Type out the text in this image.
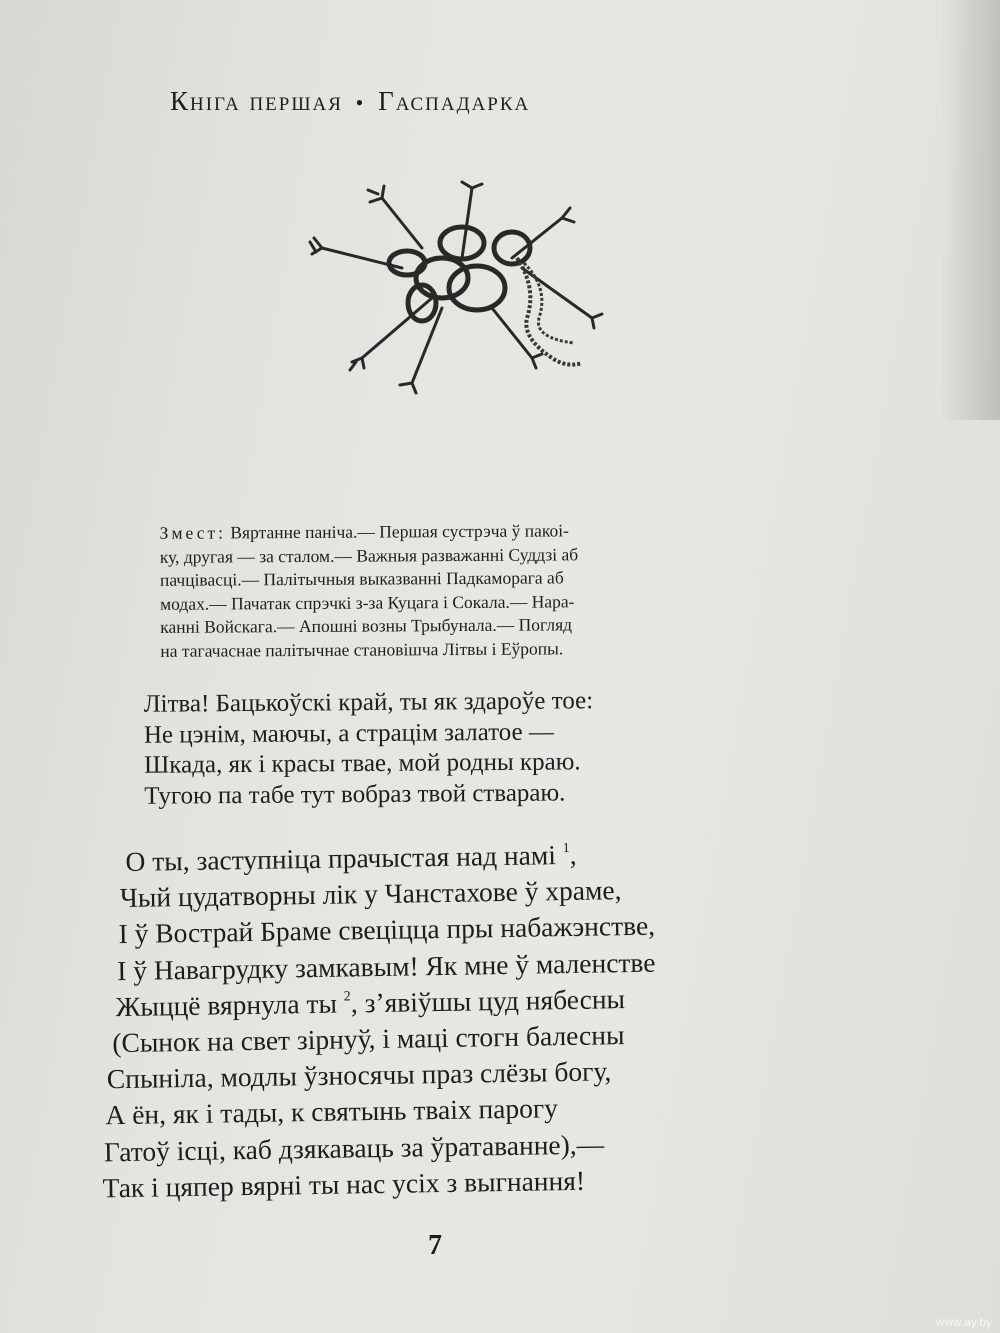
Кніга першая • Гаспадарка
Змест: Вяртанне паніча.— Першая сустрэча ў пакоі-
ку, другая — за сталом.— Важныя разважанні Суддзі аб
пачцівасці.— Палітычныя выказванні Падкаморага аб
модах.— Пачатак спрэчкі з-за Куцага і Сокала.— Нара-
канні Войскага.— Апошні возны Трыбунала.— Погляд
на тагачаснае палітычнае становішча Літвы і Еўропы.
Літва! Бацькоўскі край, ты як здароўе тое:
Не цэнім, маючы, а страцім залатое —
Шкада, як і красы твае, мой родны краю.
Тугою па табе тут вобраз твой ствараю.
О ты, заступніца прачыстая над намі $^1$,
Чый цудатворны лік у Чанстахове ў храме,
І ў Вострай Браме свеціцца пры набажэнстве,
І ў Навагрудку замкавым! Як мне ў маленстве
Жыццё вярнула ты $^2$, з’явіўшы цуд нябесны
(Сынок на свет зірнуў, і маці стогн балесны
Спыніла, модлы ўзносячы праз слёзы богу,
А ён, як і тады, к святынь тваіх парогу
Гатоў ісці, каб дзякаваць за ўратаванне),—
Так і цяпер вярні ты нас усіх з выгнання!
7
www.ay.by
